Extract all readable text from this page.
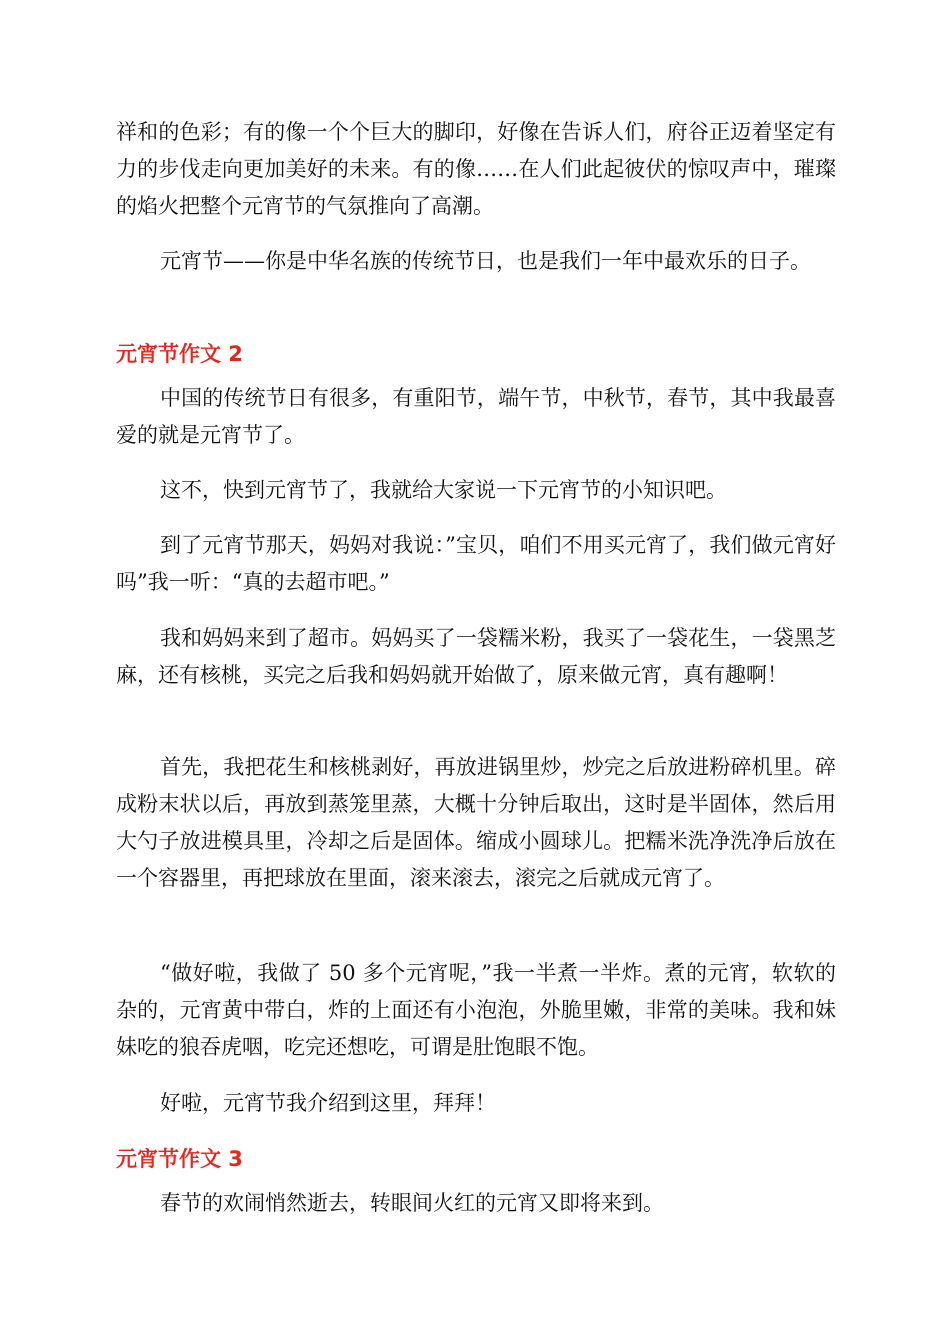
祥和的色彩；有的像一个个巨大的脚印，好像在告诉人们，府谷正迈着坚定有力的步伐走向更加美好的未来。有的像……在人们此起彼伏的惊叹声中，璀璨的焰火把整个元宵节的气氛推向了高潮。

元宵节——你是中华名族的传统节日，也是我们一年中最欢乐的日子。

元宵节作文 2

中国的传统节日有很多，有重阳节，端午节，中秋节，春节，其中我最喜爱的就是元宵节了。

这不，快到元宵节了，我就给大家说一下元宵节的小知识吧。

到了元宵节那天，妈妈对我说：”宝贝，咱们不用买元宵了，我们做元宵好吗”我一听：“真的去超市吧。”

我和妈妈来到了超市。妈妈买了一袋糯米粉，我买了一袋花生，一袋黑芝麻，还有核桃，买完之后我和妈妈就开始做了，原来做元宵，真有趣啊！

首先，我把花生和核桃剥好，再放进锅里炒，炒完之后放进粉碎机里。碎成粉末状以后，再放到蒸笼里蒸，大概十分钟后取出，这时是半固体，然后用大勺子放进模具里，冷却之后是固体。缩成小圆球儿。把糯米洗净洗净后放在一个容器里，再把球放在里面，滚来滚去，滚完之后就成元宵了。

“做好啦，我做了 50 多个元宵呢，”我一半煮一半炸。煮的元宵，软软的杂的，元宵黄中带白，炸的上面还有小泡泡，外脆里嫩，非常的美味。我和妹妹吃的狼吞虎咽，吃完还想吃，可谓是肚饱眼不饱。

好啦，元宵节我介绍到这里，拜拜！

元宵节作文 3

春节的欢闹悄然逝去，转眼间火红的元宵又即将来到。
